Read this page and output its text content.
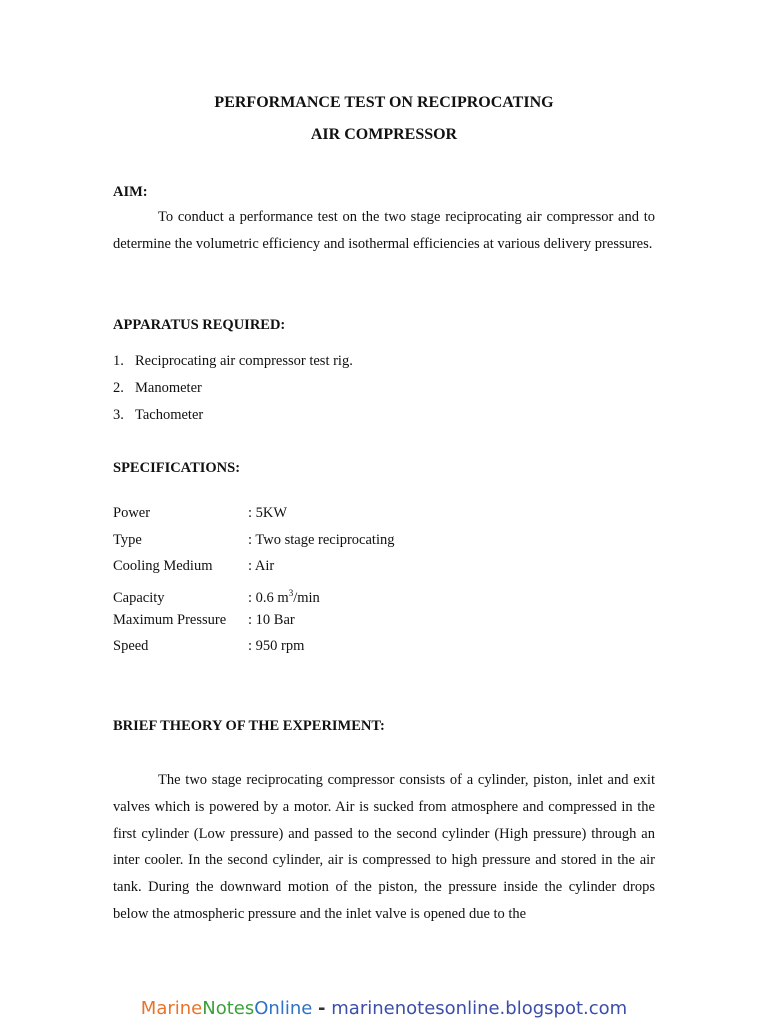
PERFORMANCE TEST ON RECIPROCATING
AIR COMPRESSOR
AIM:
To conduct a performance test on the two stage reciprocating air compressor and to determine the volumetric efficiency and isothermal efficiencies at various delivery pressures.
APPARATUS REQUIRED:
1. Reciprocating air compressor test rig.
2. Manometer
3. Tachometer
SPECIFICATIONS:
Power	: 5KW
Type	: Two stage reciprocating
Cooling Medium : Air
Capacity	: 0.6 $m^3/\min$
Maximum Pressure : 10 Bar
Speed	: 950 rpm
BRIEF THEORY OF THE EXPERIMENT:
The two stage reciprocating compressor consists of a cylinder, piston, inlet and exit valves which is powered by a motor. Air is sucked from atmosphere and compressed in the first cylinder (Low pressure) and passed to the second cylinder (High pressure) through an inter cooler. In the second cylinder, air is compressed to high pressure and stored in the air tank. During the downward motion of the piston, the pressure inside the cylinder drops below the atmospheric pressure and the inlet valve is opened due to the
MarineNotesOnline - marinenotesonline.blogspot.com
